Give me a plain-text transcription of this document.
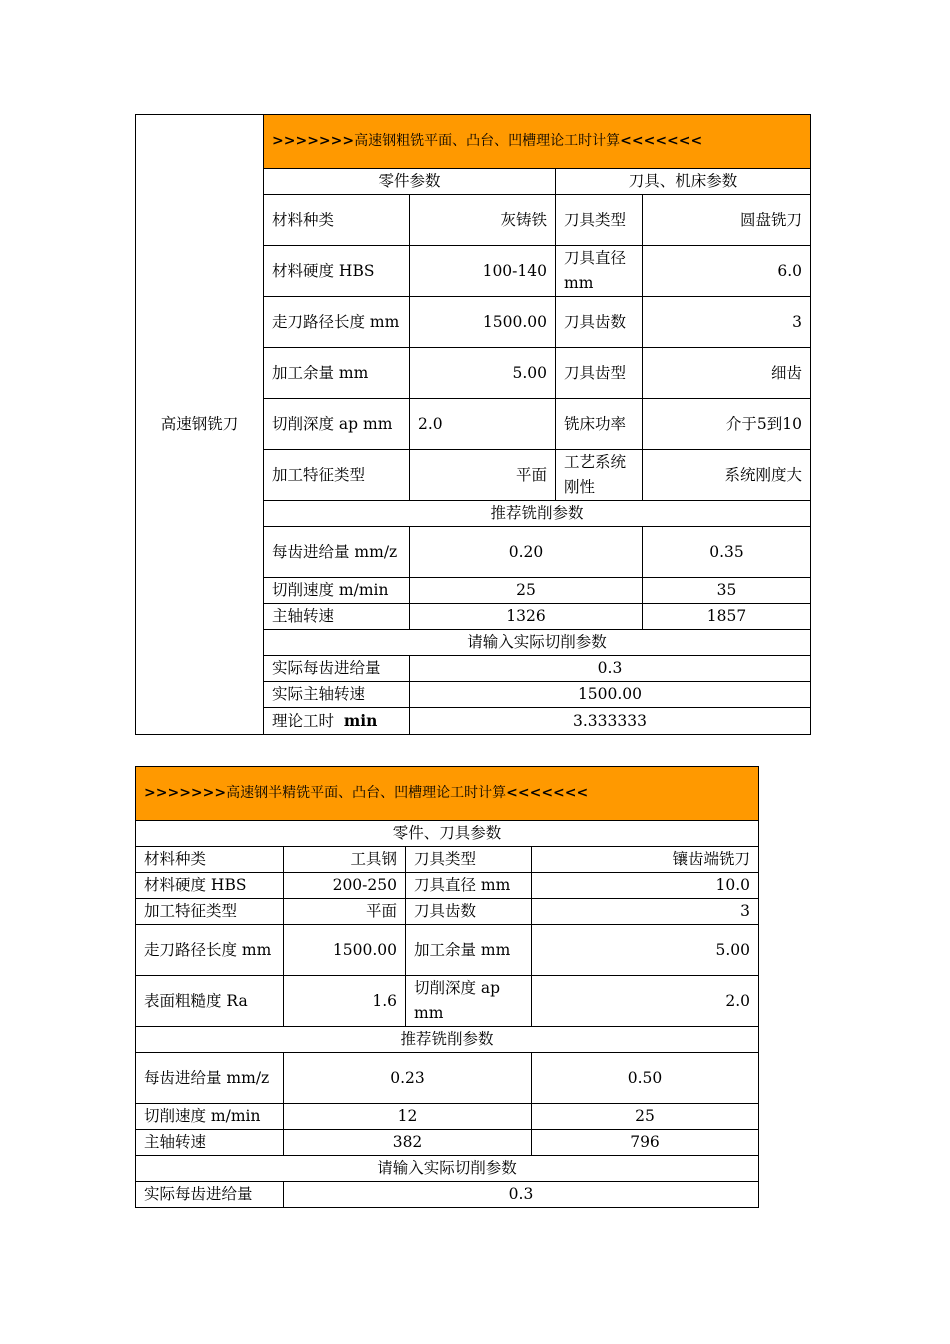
高速钢铣刀	>>>>>>>高速钢粗铣平面、凸台、凹槽理论工时计算<<<<<<<			
	零件参数		刀具、机床参数	
	材料种类	灰铸铁	刀具类型	圆盘铣刀
	材料硬度 HBS	100-140	刀具直径 mm	6.0
	走刀路径长度 mm	1500.00	刀具齿数	3
	加工余量 mm	5.00	刀具齿型	细齿
	切削深度 ap mm	2.0	铣床功率	介于5到10
	加工特征类型	平面	工艺系统刚性	系统刚度大
	推荐铣削参数			
	每齿进给量 mm/z	0.20		0.35
	切削速度 m/min	25		35
	主轴转速	1326		1857
	请输入实际切削参数			
	实际每齿进给量	0.3		
	实际主轴转速	1500.00		
	理论工时 min	3.333333		
>>>>>>>高速钢半精铣平面、凸台、凹槽理论工时计算<<<<<<<			
零件、刀具参数			
材料种类	工具钢	刀具类型	镶齿端铣刀
材料硬度 HBS	200-250	刀具直径 mm	10.0
加工特征类型	平面	刀具齿数	3
走刀路径长度 mm	1500.00	加工余量 mm	5.00
表面粗糙度 Ra	1.6	切削深度 ap mm	2.0
推荐铣削参数			
每齿进给量 mm/z	0.23		0.50
切削速度 m/min	12		25
主轴转速	382		796
请输入实际切削参数			
实际每齿进给量	0.3		
